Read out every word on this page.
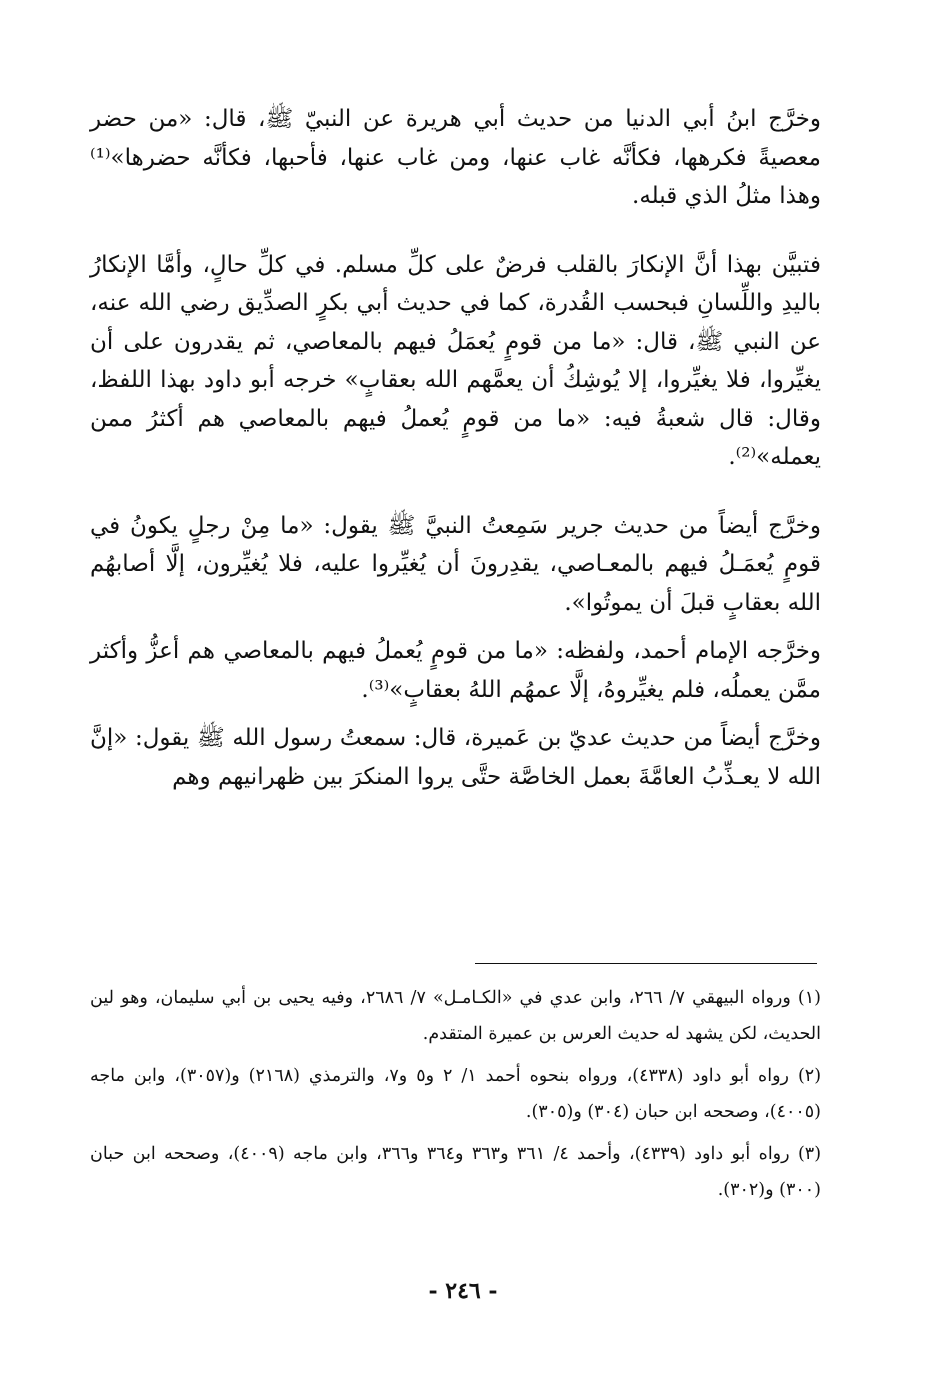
وخرَّج ابنُ أبي الدنيا من حديث أبي هريرة عن النبيّ ﷺ، قال: «من حضر معصيةً فكرهها، فكأنَّه غاب عنها، ومن غاب عنها، فأحبها، فكأنَّه حضرها»⁽¹⁾ وهذا مثلُ الذي قبله.

فتبيَّن بهذا أنَّ الإنكارَ بالقلب فرضٌ على كلِّ مسلم. في كلِّ حالٍ، وأمَّا الإنكارُ باليدِ واللِّسانِ فبحسب القُدرة، كما في حديث أبي بكرٍ الصدِّيق رضي الله عنه، عن النبي ﷺ، قال: «ما من قومٍ يُعمَلُ فيهم بالمعاصي، ثم يقدرون على أن يغيِّروا، فلا يغيِّروا، إلا يُوشِكُ أن يعمَّهم الله بعقابٍ» خرجه أبو داود بهذا اللفظ، وقال: قال شعبةُ فيه: «ما من قومٍ يُعملُ فيهم بالمعاصي هم أكثرُ ممن يعمله»⁽²⁾.

وخرَّج أيضاً من حديث جرير سَمِعتُ النبيَّ ﷺ يقول: «ما مِنْ رجلٍ يكونُ في قومٍ يُعمَـلُ فيهم بالمعـاصي، يقدِرونَ أن يُغيِّروا عليه، فلا يُغيِّرون، إلَّا أصابهُم الله بعقابٍ قبلَ أن يموتُوا».

وخرَّجه الإمام أحمد، ولفظه: «ما من قومٍ يُعملُ فيهم بالمعاصي هم أعزُّ وأكثر ممَّن يعملُه، فلم يغيِّروهُ، إلَّا عمهُم اللهُ بعقابٍ»⁽³⁾.

وخرَّج أيضاً من حديث عديّ بن عَميرة، قال: سمعتُ رسول الله ﷺ يقول: «إنَّ الله لا يعـذِّبُ العامَّةَ بعمل الخاصَّة حتَّى يروا المنكرَ بين ظهرانيهم وهم

(١) ورواه البيهقي ٧/ ٢٦٦، وابن عدي في «الكـامـل» ٧/ ٢٦٨٦، وفيه يحيى بن أبي سليمان، وهو لين الحديث، لكن يشهد له حديث العرس بن عميرة المتقدم.

(٢) رواه أبو داود (٤٣٣٨)، ورواه بنحوه أحمد ١/ ٢ و٥ و٧، والترمذي (٢١٦٨) و(٣٠٥٧)، وابن ماجه (٤٠٠٥)، وصححه ابن حبان (٣٠٤) و(٣٠٥).

(٣) رواه أبو داود (٤٣٣٩)، وأحمد ٤/ ٣٦١ و٣٦٣ و٣٦٤ و٣٦٦، وابن ماجه (٤٠٠٩)، وصححه ابن حبان (٣٠٠) و(٣٠٢).

- ٢٤٦ -
